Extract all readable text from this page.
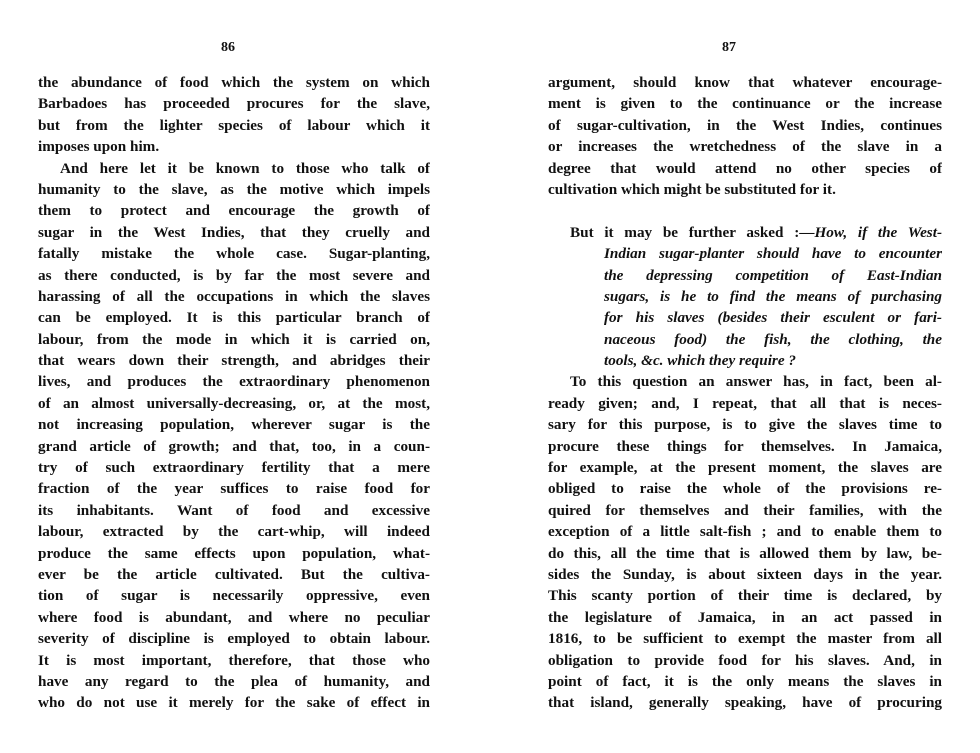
86
the abundance of food which the system on which
Barbadoes has proceeded procures for the slave,
but from the lighter species of labour which it
imposes upon him.
And here let it be known to those who talk of
humanity to the slave, as the motive which impels
them to protect and encourage the growth of
sugar in the West Indies, that they cruelly and
fatally mistake the whole case. Sugar-planting,
as there conducted, is by far the most severe and
harassing of all the occupations in which the slaves
can be employed. It is this particular branch of
labour, from the mode in which it is carried on,
that wears down their strength, and abridges their
lives, and produces the extraordinary phenomenon
of an almost universally-decreasing, or, at the most,
not increasing population, wherever sugar is the
grand article of growth; and that, too, in a coun-
try of such extraordinary fertility that a mere
fraction of the year suffices to raise food for
its inhabitants. Want of food and excessive
labour, extracted by the cart-whip, will indeed
produce the same effects upon population, what-
ever be the article cultivated. But the cultiva-
tion of sugar is necessarily oppressive, even
where food is abundant, and where no peculiar
severity of discipline is employed to obtain labour.
It is most important, therefore, that those who
have any regard to the plea of humanity, and
who do not use it merely for the sake of effect in
87
argument, should know that whatever encourage-
ment is given to the continuance or the increase
of sugar-cultivation, in the West Indies, continues
or increases the wretchedness of the slave in a
degree that would attend no other species of
cultivation which might be substituted for it.
But it may be further asked :—How, if the West-
Indian sugar-planter should have to encounter
the depressing competition of East-Indian
sugars, is he to find the means of purchasing
for his slaves (besides their esculent or fari-
naceous food) the fish, the clothing, the
tools, &c. which they require ?
To this question an answer has, in fact, been al-
ready given; and, I repeat, that all that is neces-
sary for this purpose, is to give the slaves time to
procure these things for themselves. In Jamaica,
for example, at the present moment, the slaves are
obliged to raise the whole of the provisions re-
quired for themselves and their families, with the
exception of a little salt-fish ; and to enable them to
do this, all the time that is allowed them by law, be-
sides the Sunday, is about sixteen days in the year.
This scanty portion of their time is declared, by
the legislature of Jamaica, in an act passed in
1816, to be sufficient to exempt the master from all
obligation to provide food for his slaves. And, in
point of fact, it is the only means the slaves in
that island, generally speaking, have of procuring
